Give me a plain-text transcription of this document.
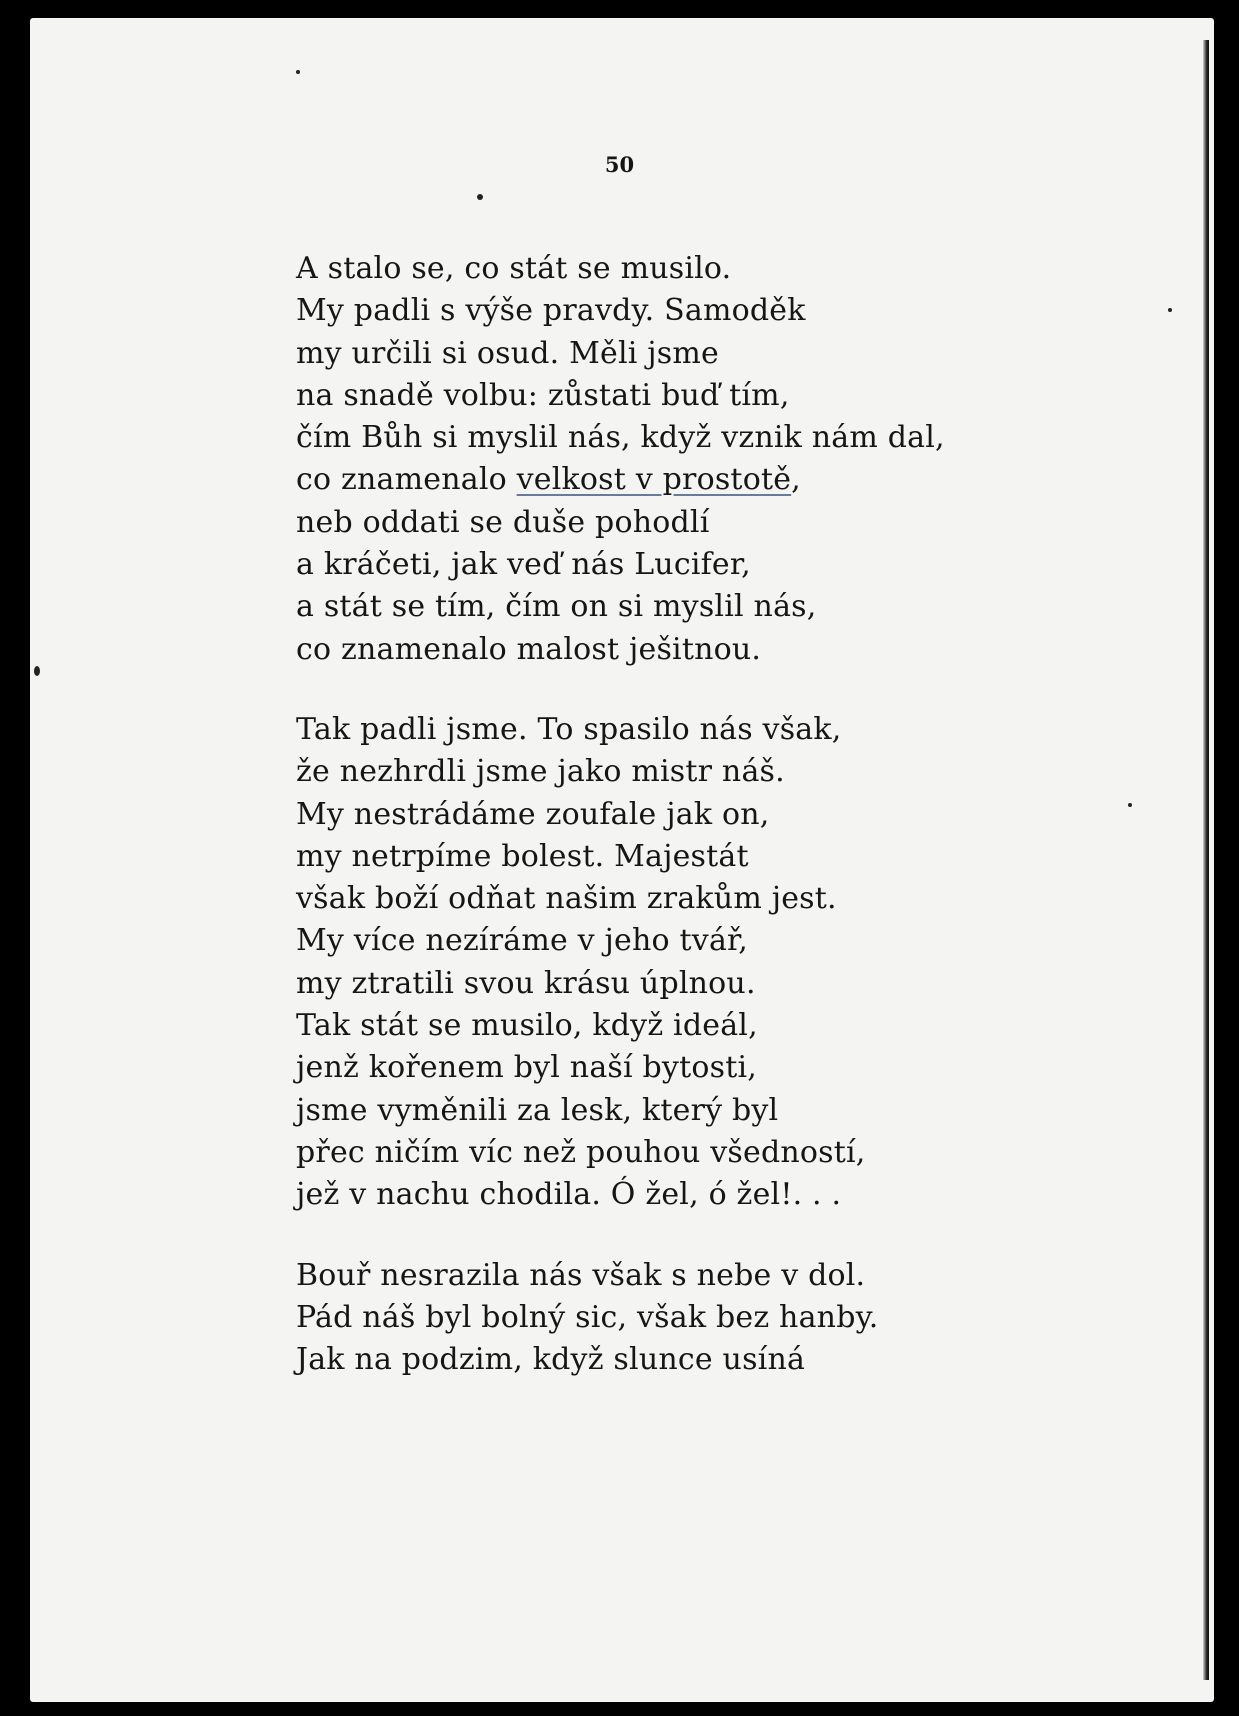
50
A stalo se, co stát se musilo.
My padli s výše pravdy. Samoděk
my určili si osud. Měli jsme
na snadě volbu: zůstati buď tím,
čím Bůh si myslil nás, když vznik nám dal,
co znamenalo velkost v prostotě,
neb oddati se duše pohodlí
a kráčeti, jak veď nás Lucifer,
a stát se tím, čím on si myslil nás,
co znamenalo malost ješitnou.
Tak padli jsme. To spasilo nás však,
že nezhrdli jsme jako mistr náš.
My nestrádáme zoufale jak on,
my netrpíme bolest. Majestát
však boží odňat našim zrakům jest.
My více nezíráme v jeho tvář,
my ztratili svou krásu úplnou.
Tak stát se musilo, když ideál,
jenž kořenem byl naší bytosti,
jsme vyměnili za lesk, který byl
přec ničím víc než pouhou všedností,
jež v nachu chodila. Ó žel, ó žel!. . .
Bouř nesrazila nás však s nebe v dol.
Pád náš byl bolný sic, však bez hanby.
Jak na podzim, když slunce usíná
